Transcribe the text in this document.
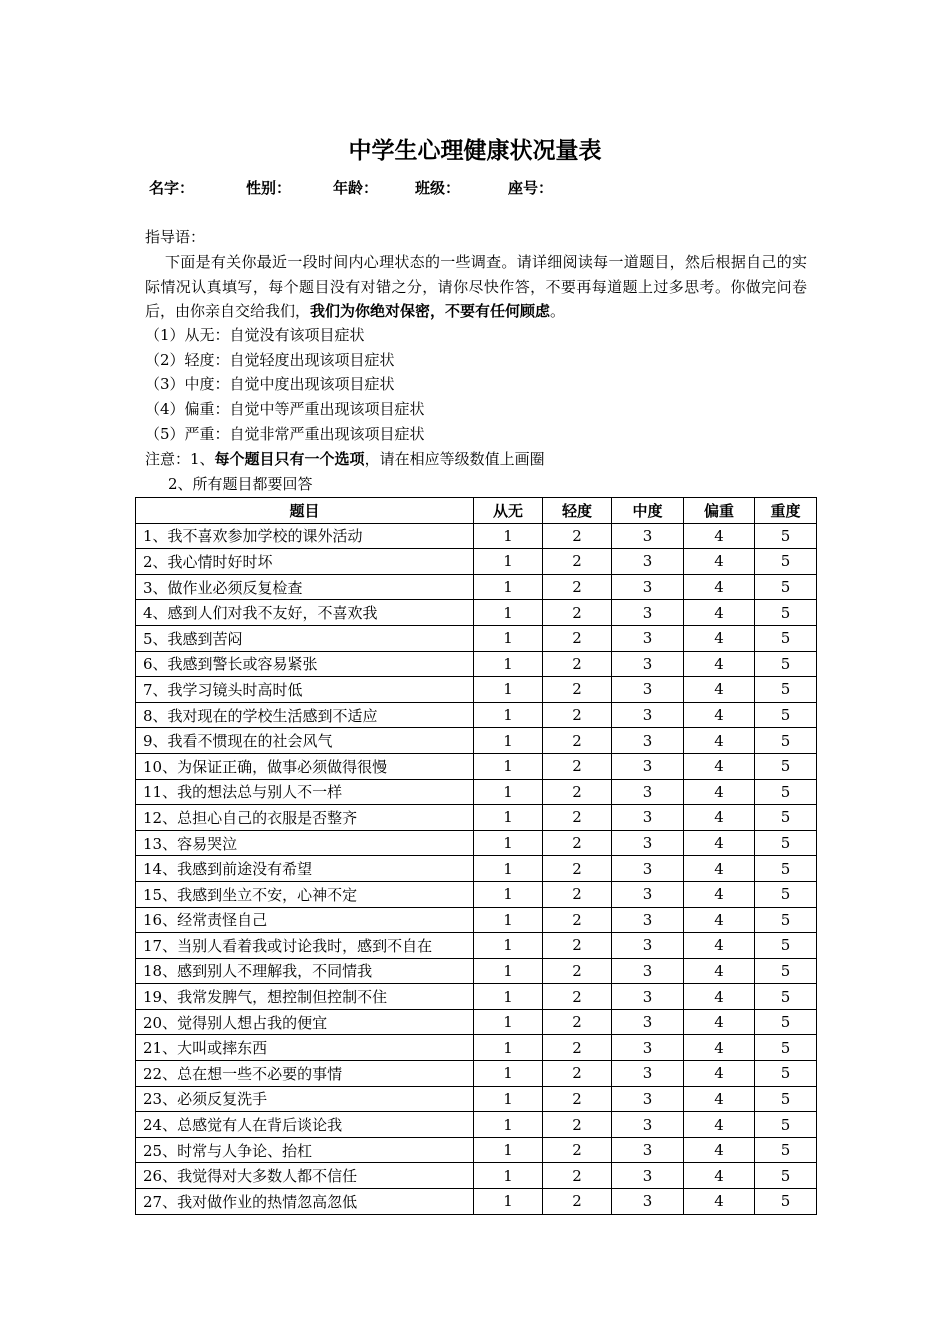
中学生心理健康状况量表
名字：	性别：	年龄： 班级：	座号：
指导语：
下面是有关你最近一段时间内心理状态的一些调查。请详细阅读每一道题目，然后根据自己的实际情况认真填写，每个题目没有对错之分，请你尽快作答，不要再每道题上过多思考。你做完问卷后，由你亲自交给我们，我们为你绝对保密，不要有任何顾虑。
（1）从无：自觉没有该项目症状
（2）轻度：自觉轻度出现该项目症状
（3）中度：自觉中度出现该项目症状
（4）偏重：自觉中等严重出现该项目症状
（5）严重：自觉非常严重出现该项目症状
注意：1、每个题目只有一个选项，请在相应等级数值上画圈
2、所有题目都要回答
题目	从无	轻度	中度	偏重	重度
1、我不喜欢参加学校的课外活动	1	2	3	4	5
2、我心情时好时坏	1	2	3	4	5
3、做作业必须反复检查	1	2	3	4	5
4、感到人们对我不友好，不喜欢我	1	2	3	4	5
5、我感到苦闷	1	2	3	4	5
6、我感到警长或容易紧张	1	2	3	4	5
7、我学习镜头时高时低	1	2	3	4	5
8、我对现在的学校生活感到不适应	1	2	3	4	5
9、我看不惯现在的社会风气	1	2	3	4	5
10、为保证正确，做事必须做得很慢	1	2	3	4	5
11、我的想法总与别人不一样	1	2	3	4	5
12、总担心自己的衣服是否整齐	1	2	3	4	5
13、容易哭泣	1	2	3	4	5
14、我感到前途没有希望	1	2	3	4	5
15、我感到坐立不安，心神不定	1	2	3	4	5
16、经常责怪自己	1	2	3	4	5
17、当别人看着我或讨论我时，感到不自在	1	2	3	4	5
18、感到别人不理解我，不同情我	1	2	3	4	5
19、我常发脾气，想控制但控制不住	1	2	3	4	5
20、觉得别人想占我的便宜	1	2	3	4	5
21、大叫或摔东西	1	2	3	4	5
22、总在想一些不必要的事情	1	2	3	4	5
23、必须反复洗手	1	2	3	4	5
24、总感觉有人在背后谈论我	1	2	3	4	5
25、时常与人争论、抬杠	1	2	3	4	5
26、我觉得对大多数人都不信任	1	2	3	4	5
27、我对做作业的热情忽高忽低	1	2	3	4	5
